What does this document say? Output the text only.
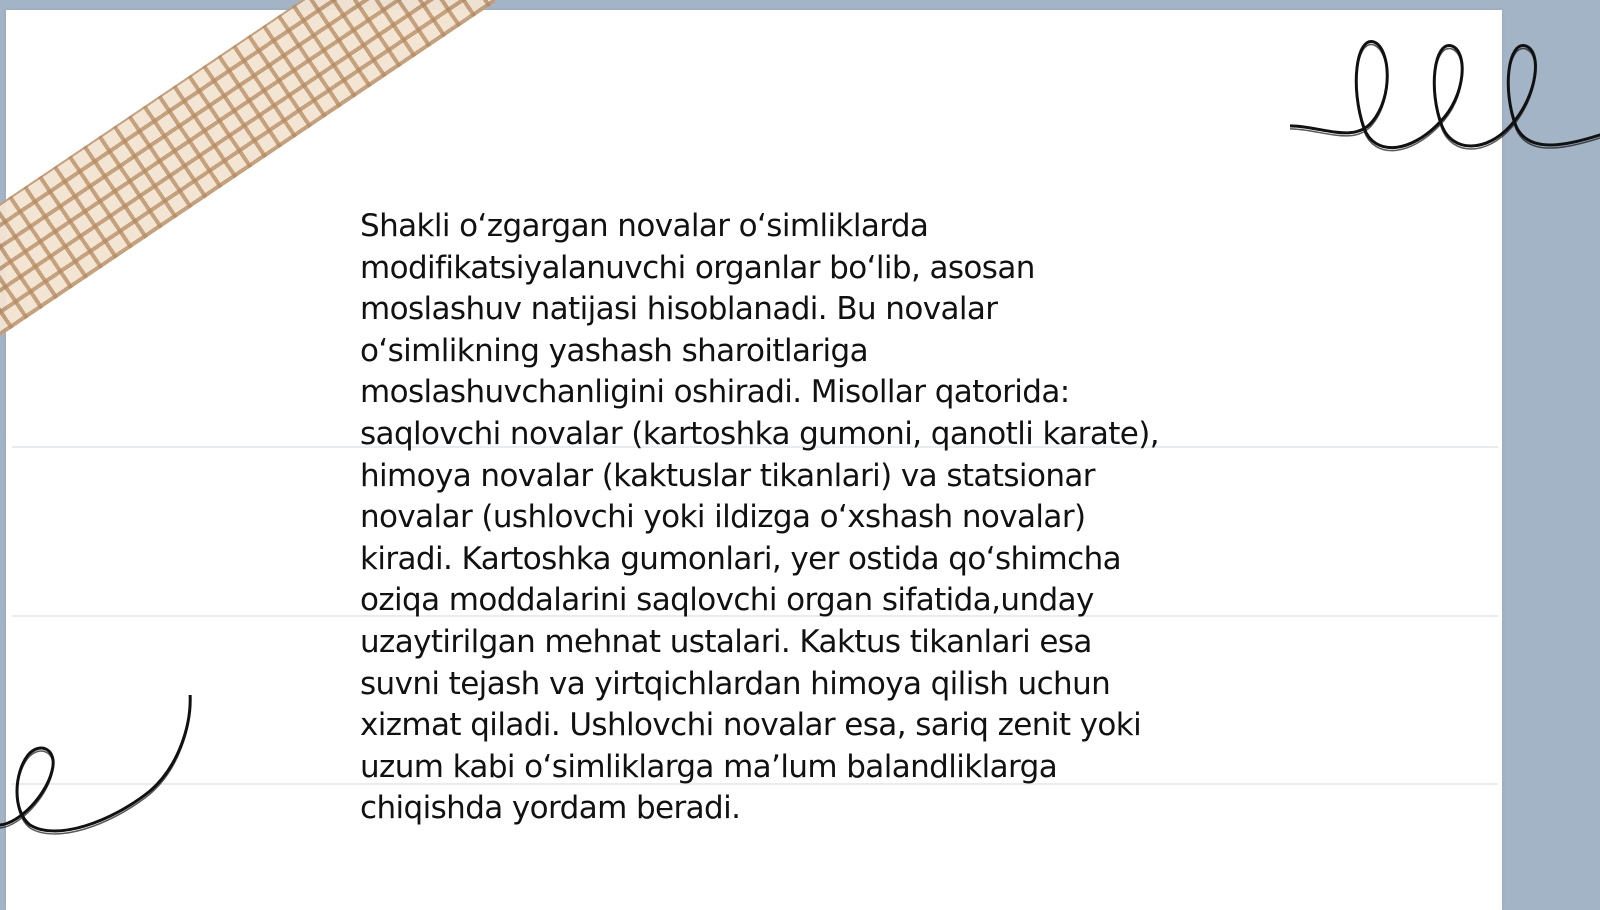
Shakli oʻzgargan novalar oʻsimliklarda
modifikatsiyalanuvchi organlar boʻlib, asosan
moslashuv natijasi hisoblanadi. Bu novalar
oʻsimlikning yashash sharoitlariga
moslashuvchanligini oshiradi. Misollar qatorida:
saqlovchi novalar (kartoshka gumoni, qanotli karate),
himoya novalar (kaktuslar tikanlari) va statsionar
novalar (ushlovchi yoki ildizga oʻxshash novalar)
kiradi. Kartoshka gumonlari, yer ostida qoʻshimcha
oziqa moddalarini saqlovchi organ sifatida,unday
uzaytirilgan mehnat ustalari. Kaktus tikanlari esa
suvni tejash va yirtqichlardan himoya qilish uchun
xizmat qiladi. Ushlovchi novalar esa, sariq zenit yoki
uzum kabi oʻsimliklarga maʼlum balandliklarga
chiqishda yordam beradi.
